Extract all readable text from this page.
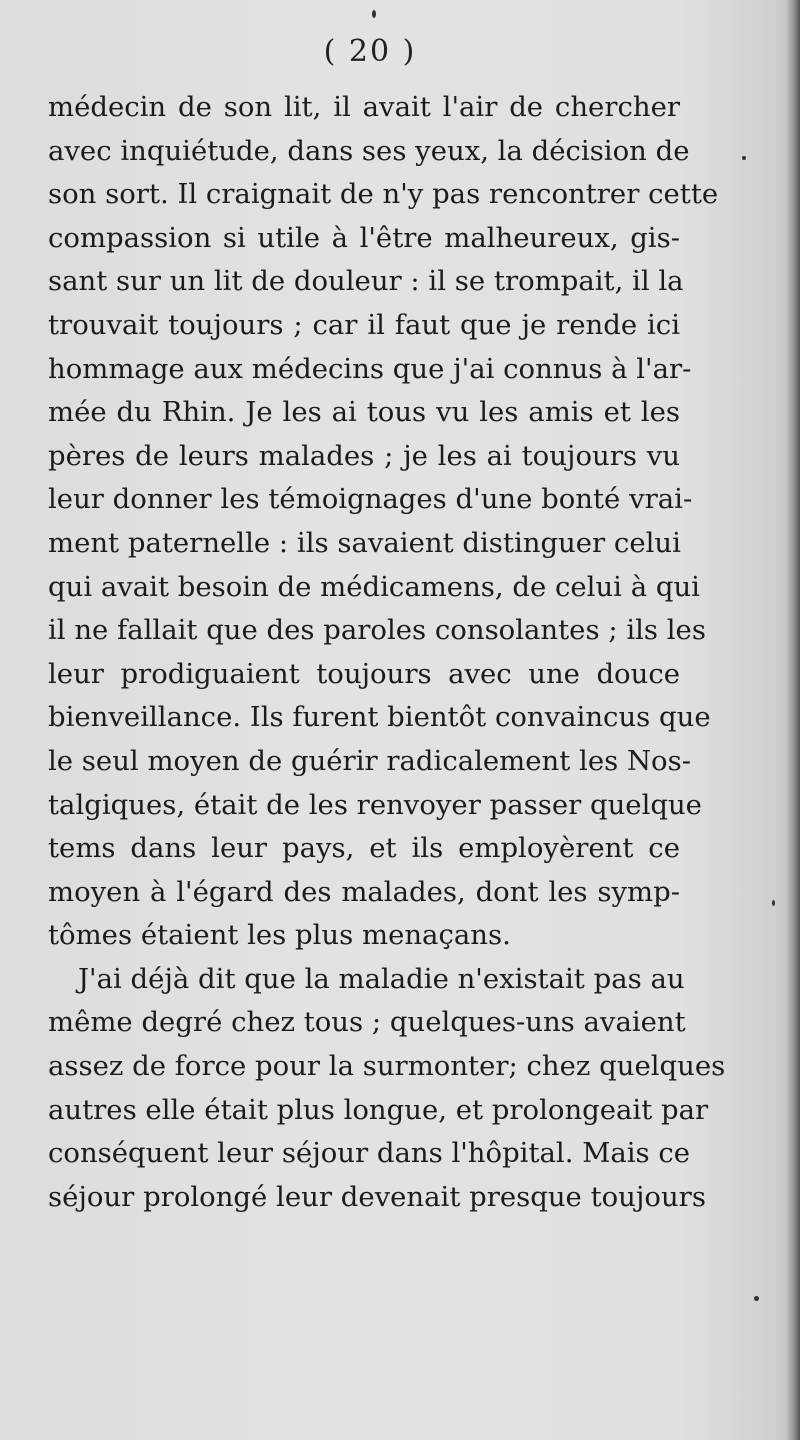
( 20 )
médecin de son lit, il avait l'air de chercher
avec inquiétude, dans ses yeux, la décision de
son sort. Il craignait de n'y pas rencontrer cette
compassion si utile à l'être malheureux, gis-
sant sur un lit de douleur : il se trompait, il la
trouvait toujours ; car il faut que je rende ici
hommage aux médecins que j'ai connus à l'ar-
mée du Rhin. Je les ai tous vu les amis et les
pères de leurs malades ; je les ai toujours vu
leur donner les témoignages d'une bonté vrai-
ment paternelle : ils savaient distinguer celui
qui avait besoin de médicamens, de celui à qui
il ne fallait que des paroles consolantes ; ils les
leur prodiguaient toujours avec une douce
bienveillance. Ils furent bientôt convaincus que
le seul moyen de guérir radicalement les Nos-
talgiques, était de les renvoyer passer quelque
tems dans leur pays, et ils employèrent ce
moyen à l'égard des malades, dont les symp-
tômes étaient les plus menaçans.
J'ai déjà dit que la maladie n'existait pas au
même degré chez tous ; quelques-uns avaient
assez de force pour la surmonter; chez quelques
autres elle était plus longue, et prolongeait par
conséquent leur séjour dans l'hôpital. Mais ce
séjour prolongé leur devenait presque toujours
